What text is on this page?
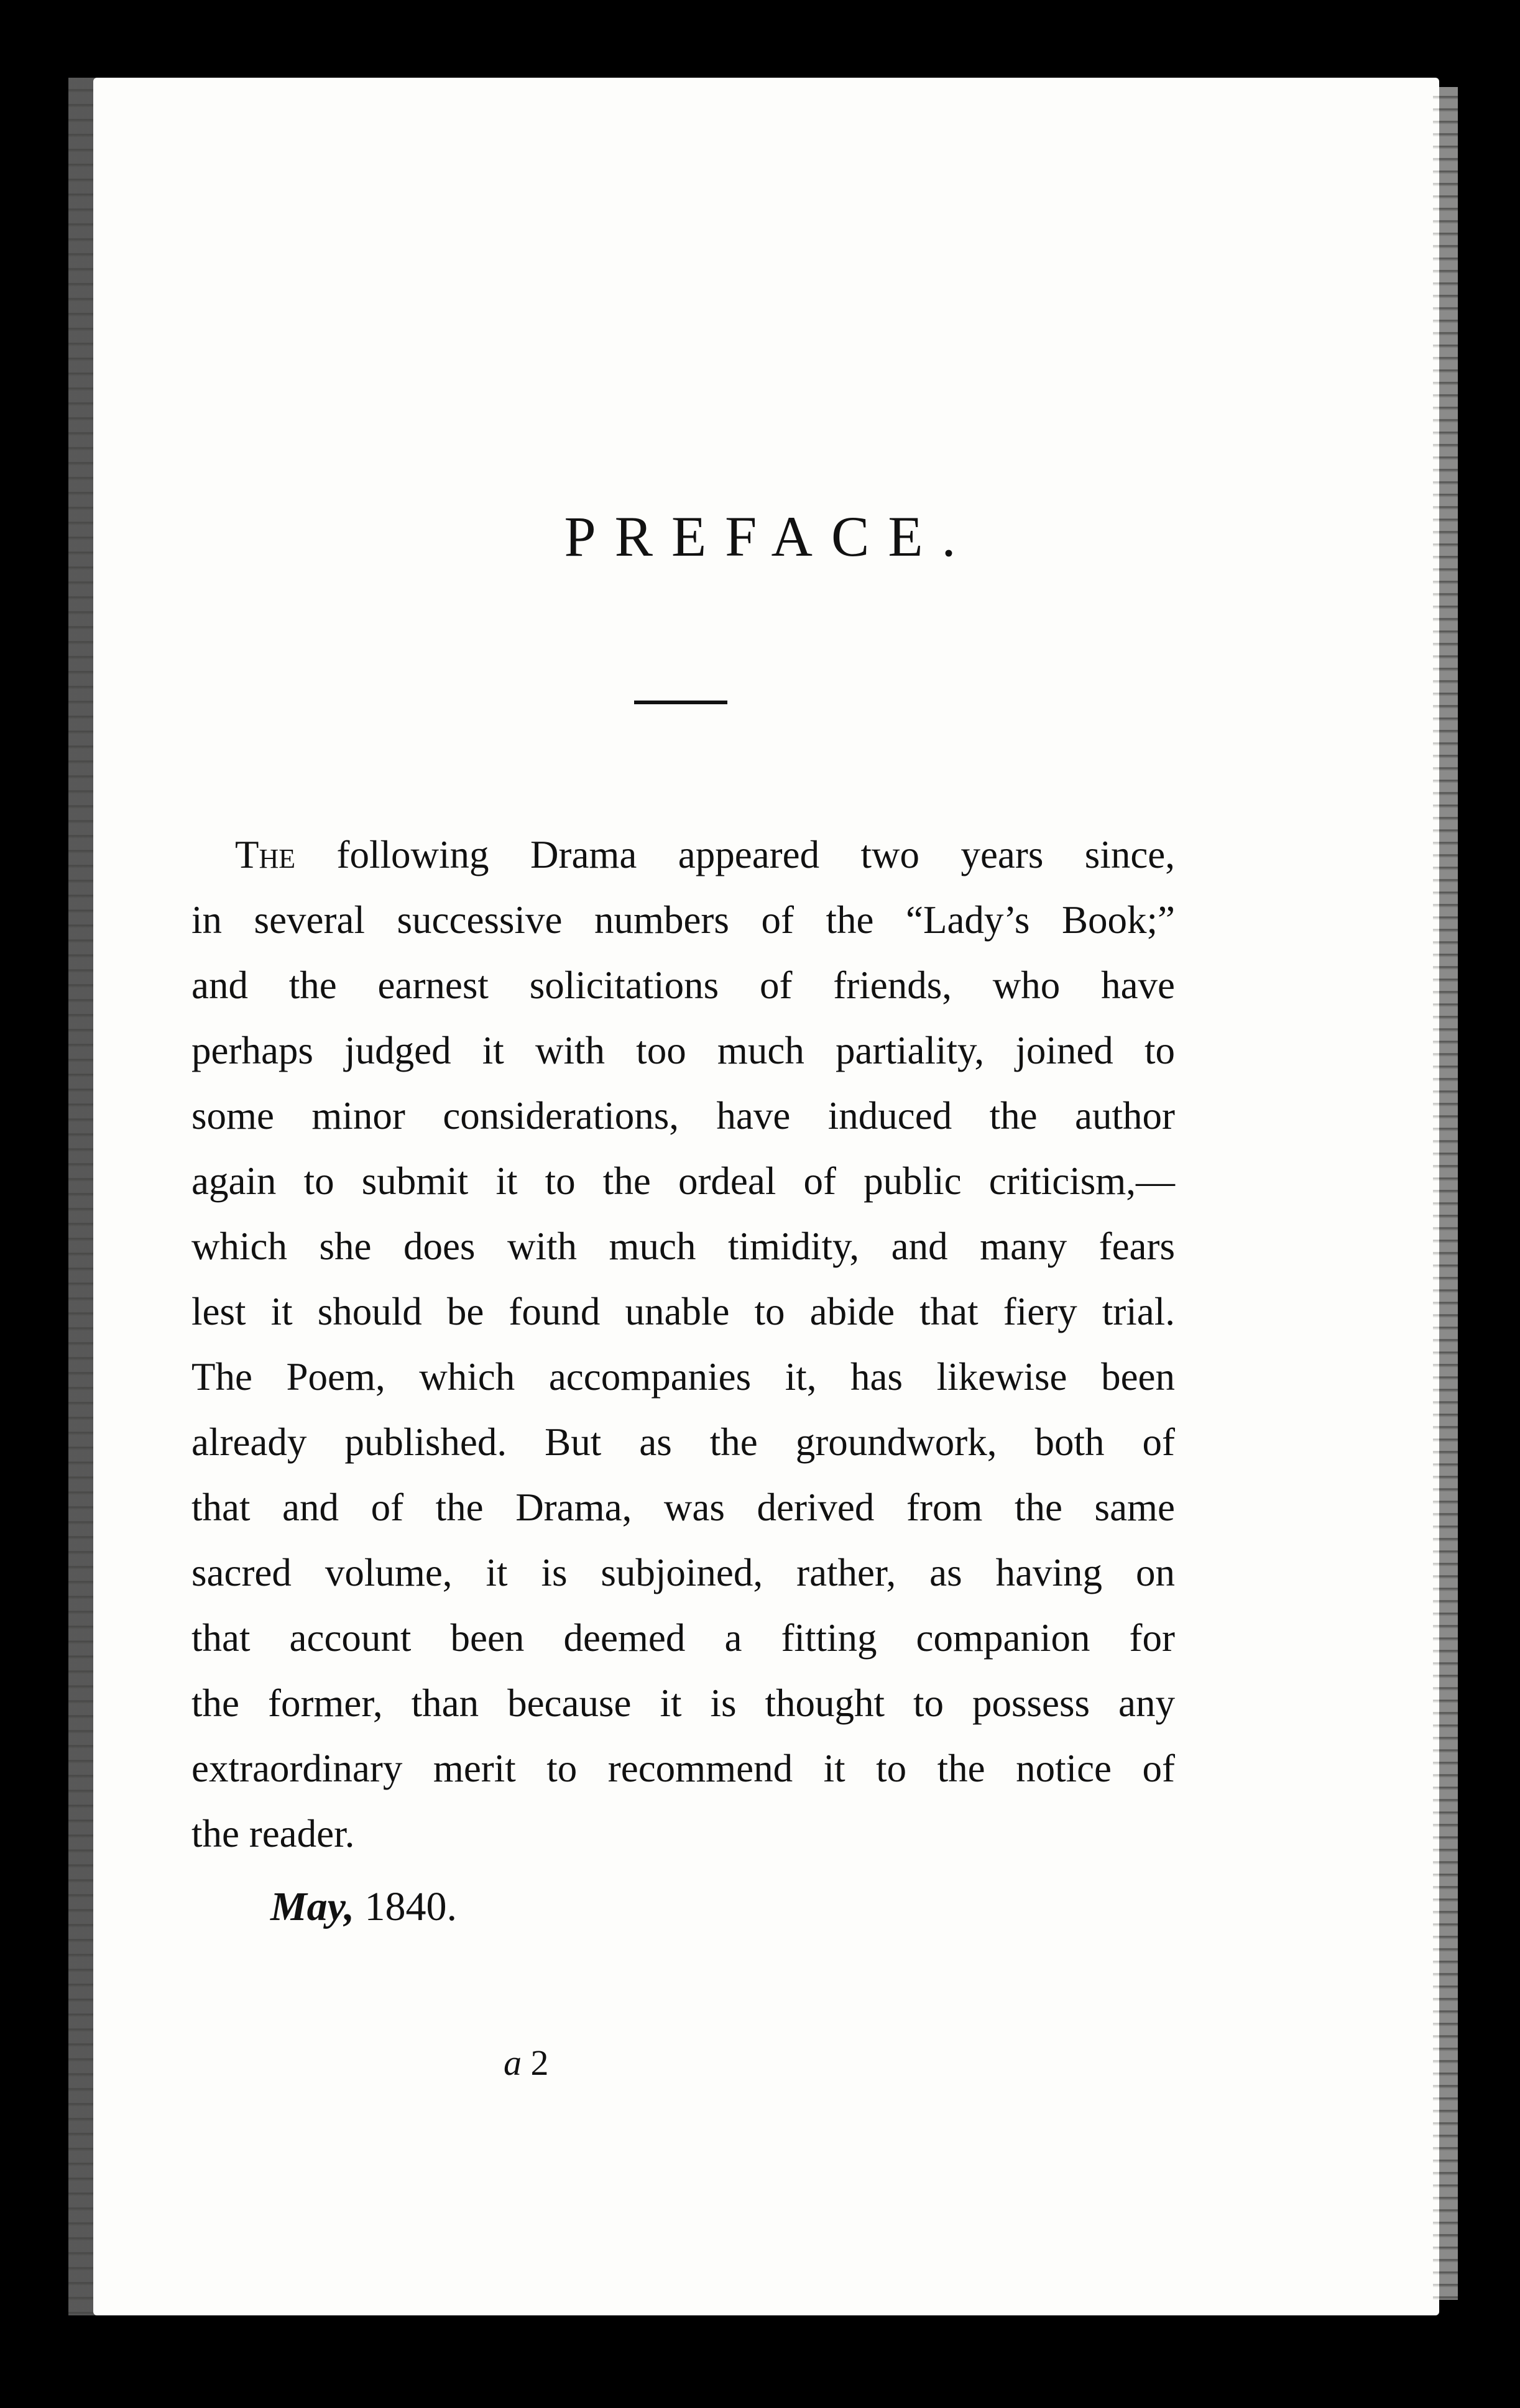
PREFACE.

The following Drama appeared two years since,
in several successive numbers of the “Lady’s Book;”
and the earnest solicitations of friends, who have
perhaps judged it with too much partiality, joined to
some minor considerations, have induced the author
again to submit it to the ordeal of public criticism,—
which she does with much timidity, and many fears
lest it should be found unable to abide that fiery trial.
The Poem, which accompanies it, has likewise been
already published. But as the groundwork, both of
that and of the Drama, was derived from the same
sacred volume, it is subjoined, rather, as having on
that account been deemed a fitting companion for
the former, than because it is thought to possess any
extraordinary merit to recommend it to the notice of
the reader.

May, 1840.

a 2
